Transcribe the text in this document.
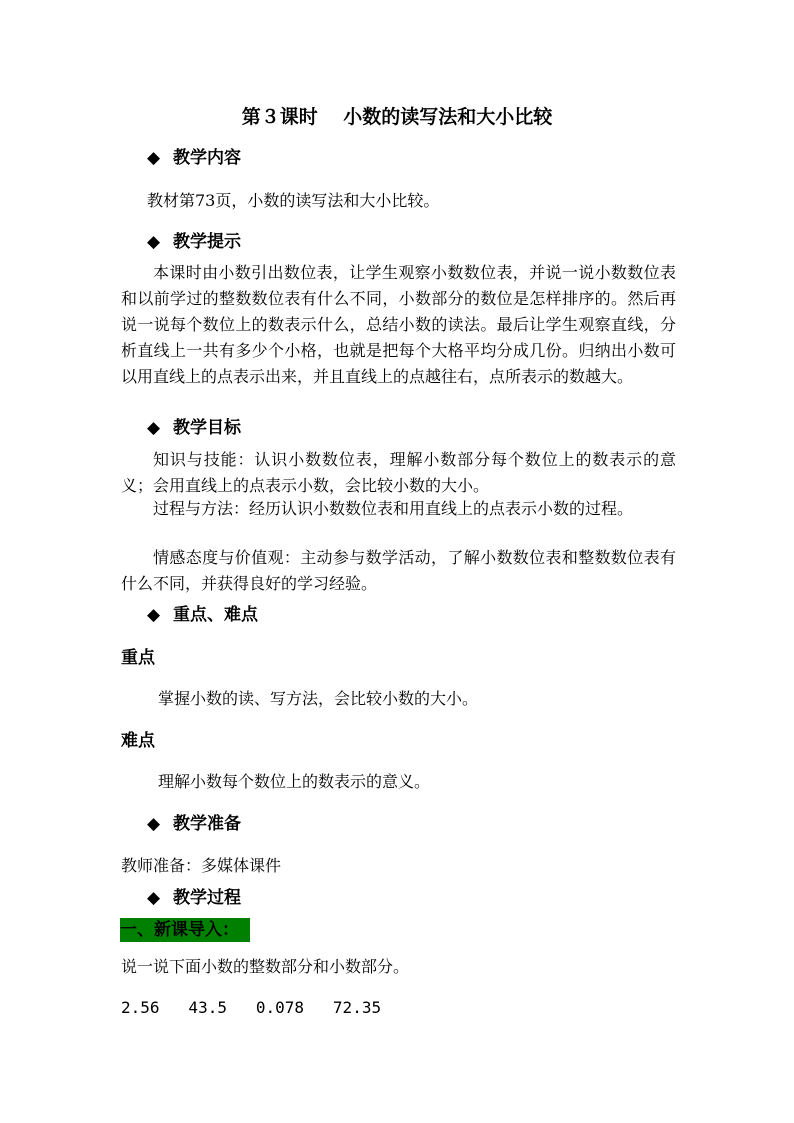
第３课时　 小数的读写法和大小比较
◆ 教学内容
教材第73页，小数的读写法和大小比较。
◆ 教学提示
本课时由小数引出数位表，让学生观察小数数位表，并说一说小数数位表和以前学过的整数数位表有什么不同，小数部分的数位是怎样排序的。然后再说一说每个数位上的数表示什么，总结小数的读法。最后让学生观察直线，分析直线上一共有多少个小格，也就是把每个大格平均分成几份。归纳出小数可以用直线上的点表示出来，并且直线上的点越往右，点所表示的数越大。
◆ 教学目标
知识与技能：认识小数数位表，理解小数部分每个数位上的数表示的意义；会用直线上的点表示小数，会比较小数的大小。
过程与方法：经历认识小数数位表和用直线上的点表示小数的过程。
情感态度与价值观：主动参与数学活动，了解小数数位表和整数数位表有什么不同，并获得良好的学习经验。
◆ 重点、难点
重点
掌握小数的读、写方法，会比较小数的大小。
难点
理解小数每个数位上的数表示的意义。
◆ 教学准备
教师准备：多媒体课件
◆ 教学过程
一、新课导入：
说一说下面小数的整数部分和小数部分。
2.56   43.5   0.078   72.35
